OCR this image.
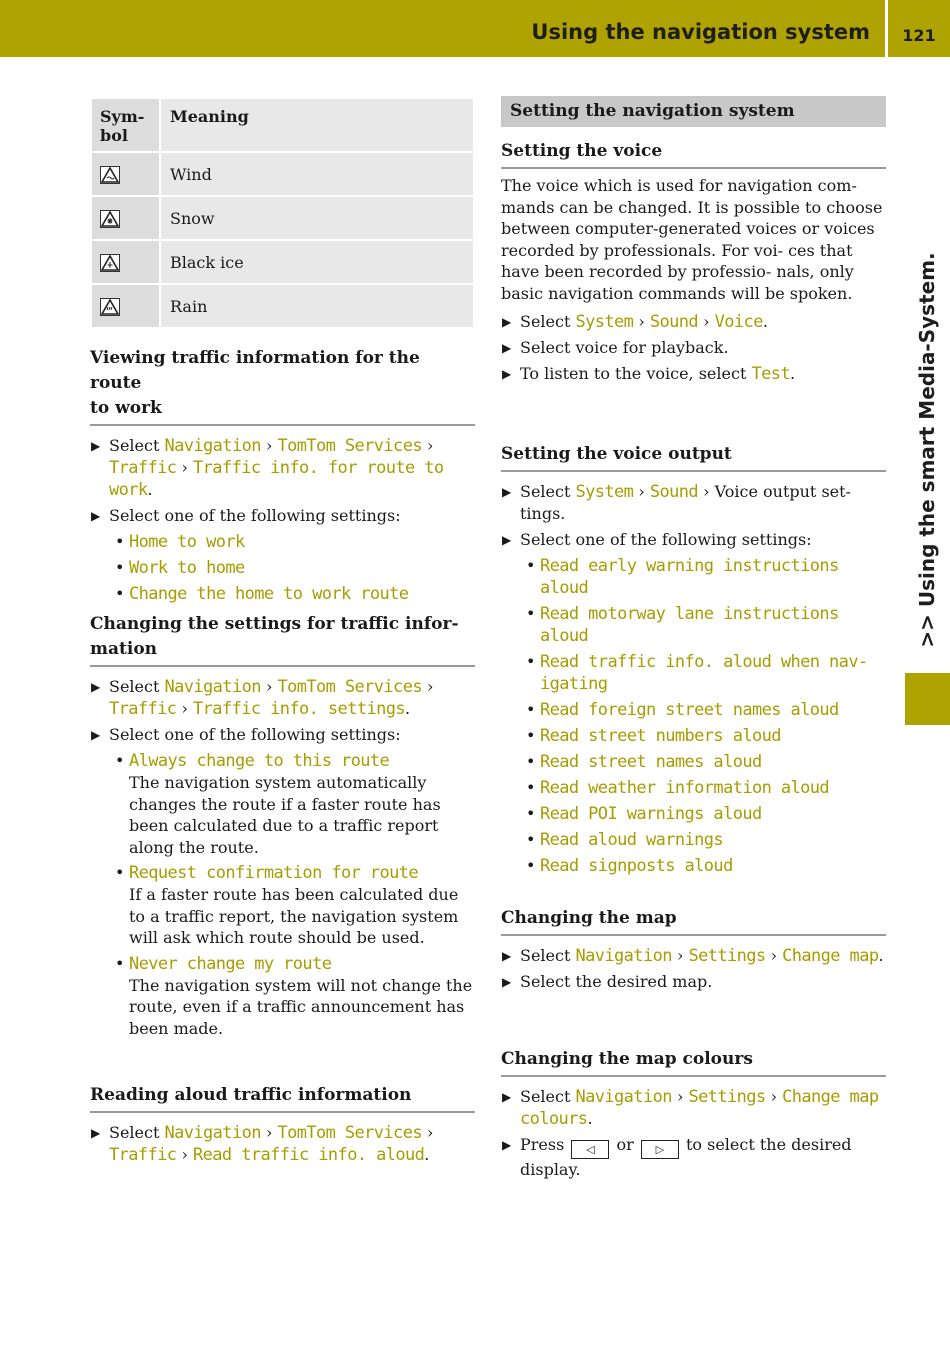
Using the navigation system	121
>> Using the smart Media-System.
Sym-
bol	Meaning
	Wind
	Snow
	Black ice
	Rain
Viewing traffic information for the route
to work
▶ Select Navigation › TomTom Services › Traffic › Traffic info. for route to
work.
▶ Select one of the following settings:
• Home to work
• Work to home
• Change the home to work route
Changing the settings for traffic infor-
mation
▶ Select Navigation › TomTom Services › Traffic › Traffic info. settings.
▶ Select one of the following settings:
• Always change to this route
The navigation system automatically changes the route if a faster route has been calculated due to a traffic report along the route.
• Request confirmation for route
If a faster route has been calculated due to a traffic report, the navigation system will ask which route should be used.
• Never change my route
The navigation system will not change the route, even if a traffic announcement has been made.
Reading aloud traffic information
▶ Select Navigation › TomTom Services › Traffic › Read traffic info. aloud.
Setting the navigation system
Setting the voice
The voice which is used for navigation com- mands can be changed. It is possible to choose between computer-generated voices or voices recorded by professionals. For voi- ces that have been recorded by professio- nals, only basic navigation commands will be spoken.
▶ Select System › Sound › Voice.
▶ Select voice for playback.
▶ To listen to the voice, select Test.
Setting the voice output
▶ Select System › Sound › Voice output set- tings.
▶ Select one of the following settings:
• Read early warning instructions aloud
• Read motorway lane instructions aloud
• Read traffic info. aloud when nav- igating
• Read foreign street names aloud
• Read street numbers aloud
• Read street names aloud
• Read weather information aloud
• Read POI warnings aloud
• Read aloud warnings
• Read signposts aloud
Changing the map
▶ Select Navigation › Settings › Change map.
▶ Select the desired map.
Changing the map colours
▶ Select Navigation › Settings › Change map colours.
▶ Press ◁ or ▷ to select the desired display.
